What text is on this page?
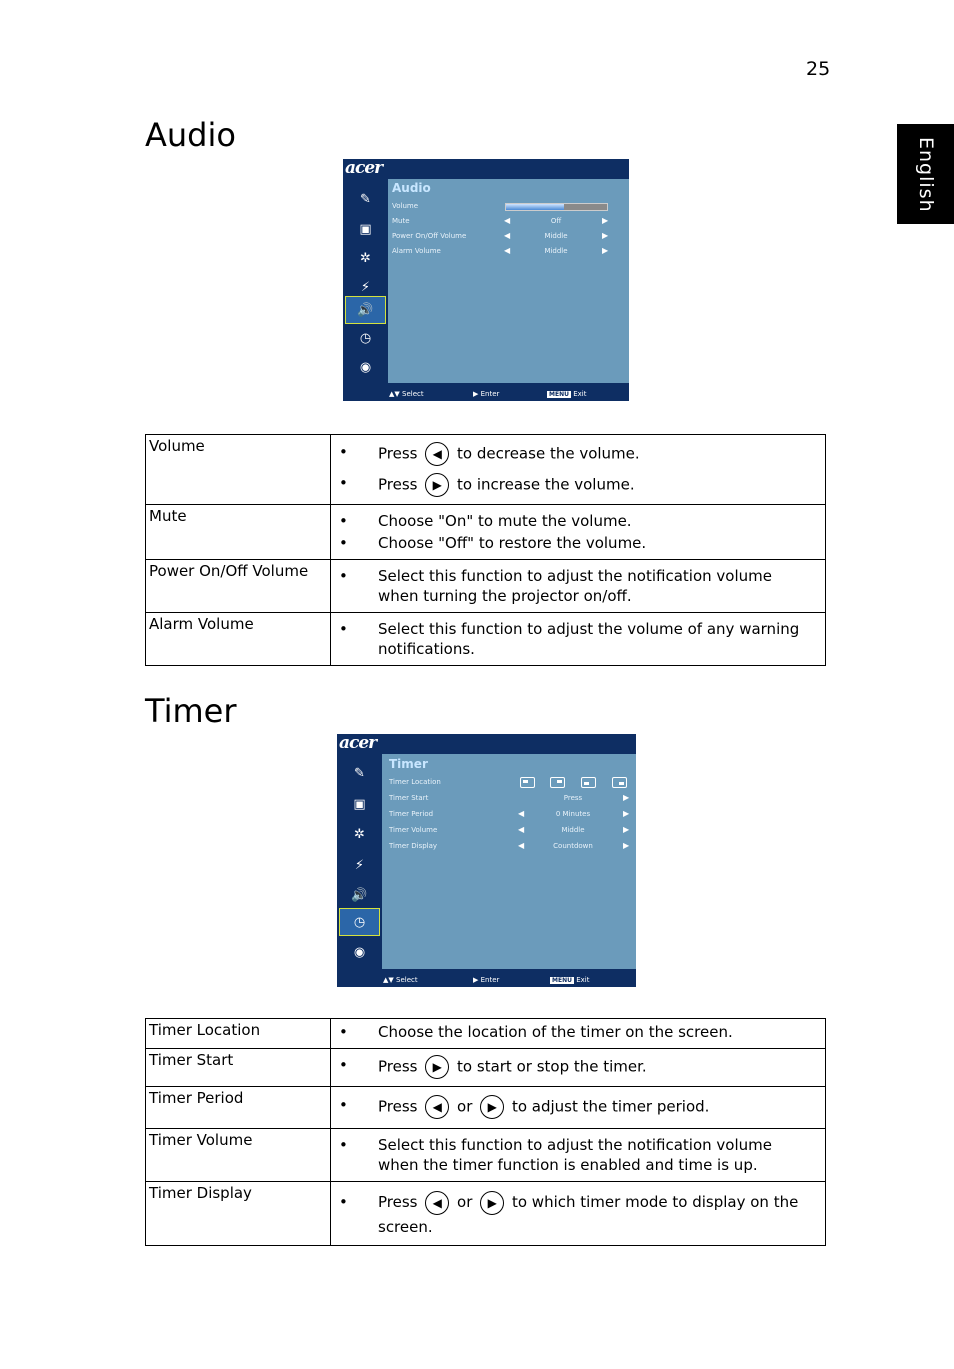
25
English
Audio
acer
✎
▣
✲
⚡
🔊
◷
◉
Audio
Volume
Mute	◀	Off	▶
Power On/Off Volume	◀	Middle	▶
Alarm Volume	◀	Middle	▶
▲▼ Select	▶ Enter	MENU Exit
Volume	• Press ◀ to decrease the volume.
• Press ▶ to increase the volume.

Mute	• Choose "On" to mute the volume.
• Choose "Off" to restore the volume.

Power On/Off Volume	• Select this function to adjust the notification volume when turning the projector on/off.

Alarm Volume	• Select this function to adjust the volume of any warning notifications.
Timer
acer
✎
▣
✲
⚡
🔊
◷
◉
Timer
Timer Location
Timer Start	Press	▶
Timer Period	◀	0 Minutes	▶
Timer Volume	◀	Middle	▶
Timer Display	◀	Countdown	▶
▲▼ Select	▶ Enter	MENU Exit
Timer Location	• Choose the location of the timer on the screen.

Timer Start	• Press ▶ to start or stop the timer.

Timer Period	• Press ◀ or ▶ to adjust the timer period.

Timer Volume	• Select this function to adjust the notification volume when the timer function is enabled and time is up.

Timer Display	• Press ◀ or ▶ to which timer mode to display on the screen.
